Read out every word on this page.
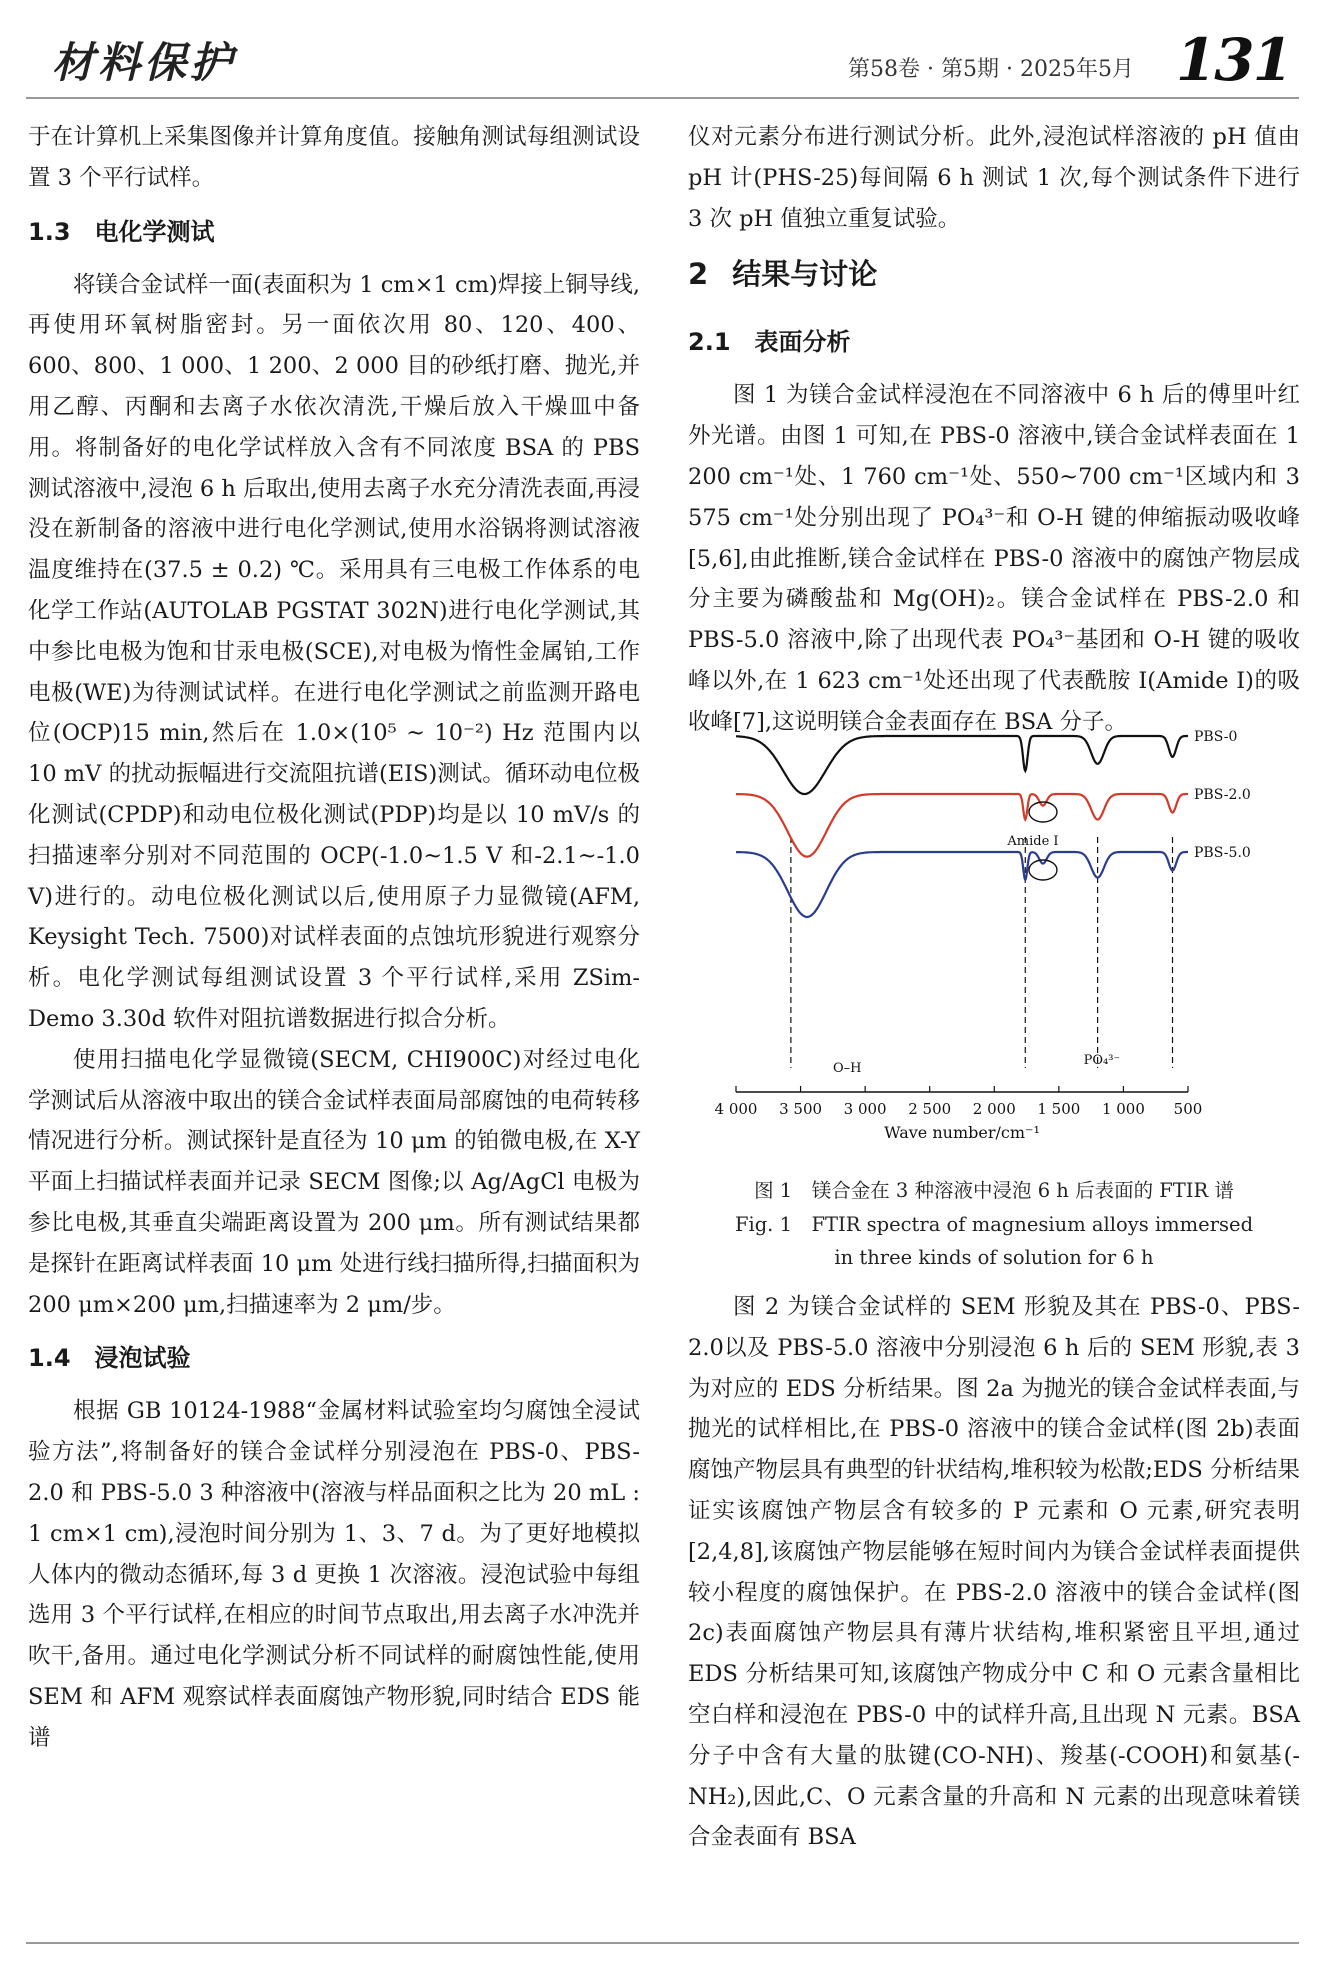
材料保护	第58卷 · 第5期 · 2025年5月 131

于在计算机上采集图像并计算角度值。接触角测试每组测试设置 3 个平行试样。

1.3 电化学测试

将镁合金试样一面(表面积为 1 cm×1 cm)焊接上铜导线,再使用环氧树脂密封。另一面依次用 80、120、400、600、800、1 000、1 200、2 000 目的砂纸打磨、抛光,并用乙醇、丙酮和去离子水依次清洗,干燥后放入干燥皿中备用。将制备好的电化学试样放入含有不同浓度 BSA 的 PBS 测试溶液中,浸泡 6 h 后取出,使用去离子水充分清洗表面,再浸没在新制备的溶液中进行电化学测试,使用水浴锅将测试溶液温度维持在(37.5 ± 0.2) ℃。采用具有三电极工作体系的电化学工作站(AUTOLAB PGSTAT 302N)进行电化学测试,其中参比电极为饱和甘汞电极(SCE),对电极为惰性金属铂,工作电极(WE)为待测试试样。在进行电化学测试之前监测开路电位(OCP)15 min,然后在 1.0×(10⁵ ~ 10⁻²) Hz 范围内以 10 mV 的扰动振幅进行交流阻抗谱(EIS)测试。循环动电位极化测试(CPDP)和动电位极化测试(PDP)均是以 10 mV/s 的扫描速率分别对不同范围的 OCP(-1.0~1.5 V 和-2.1~-1.0 V)进行的。动电位极化测试以后,使用原子力显微镜(AFM, Keysight Tech. 7500)对试样表面的点蚀坑形貌进行观察分析。电化学测试每组测试设置 3 个平行试样,采用 ZSim-Demo 3.30d 软件对阻抗谱数据进行拟合分析。

使用扫描电化学显微镜(SECM, CHI900C)对经过电化学测试后从溶液中取出的镁合金试样表面局部腐蚀的电荷转移情况进行分析。测试探针是直径为 10 μm 的铂微电极,在 X-Y 平面上扫描试样表面并记录 SECM 图像;以 Ag/AgCl 电极为参比电极,其垂直尖端距离设置为 200 μm。所有测试结果都是探针在距离试样表面 10 μm 处进行线扫描所得,扫描面积为 200 μm×200 μm,扫描速率为 2 μm/步。

1.4 浸泡试验

根据 GB 10124-1988“金属材料试验室均匀腐蚀全浸试验方法”,将制备好的镁合金试样分别浸泡在 PBS-0、PBS-2.0 和 PBS-5.0 3 种溶液中(溶液与样品面积之比为 20 mL : 1 cm×1 cm),浸泡时间分别为 1、3、7 d。为了更好地模拟人体内的微动态循环,每 3 d 更换 1 次溶液。浸泡试验中每组选用 3 个平行试样,在相应的时间节点取出,用去离子水冲洗并吹干,备用。通过电化学测试分析不同试样的耐腐蚀性能,使用 SEM 和 AFM 观察试样表面腐蚀产物形貌,同时结合 EDS 能谱

仪对元素分布进行测试分析。此外,浸泡试样溶液的 pH 值由 pH 计(PHS-25)每间隔 6 h 测试 1 次,每个测试条件下进行 3 次 pH 值独立重复试验。

2 结果与讨论
2.1 表面分析

图 1 为镁合金试样浸泡在不同溶液中 6 h 后的傅里叶红外光谱。由图 1 可知,在 PBS-0 溶液中,镁合金试样表面在 1 200 cm⁻¹处、1 760 cm⁻¹处、550~700 cm⁻¹区域内和 3 575 cm⁻¹处分别出现了 PO₄³⁻和 O-H 键的伸缩振动吸收峰[5,6],由此推断,镁合金试样在 PBS-0 溶液中的腐蚀产物层成分主要为磷酸盐和 Mg(OH)₂。镁合金试样在 PBS-2.0 和 PBS-5.0 溶液中,除了出现代表 PO₄³⁻基团和 O-H 键的吸收峰以外,在 1 623 cm⁻¹处还出现了代表酰胺 I(Amide I)的吸收峰[7],这说明镁合金表面存在 BSA 分子。

4 000 3 500 3 000 2 500 2 000 1 500 1 000 500
Wave number/cm⁻¹
PBS-0
PBS-2.0
PBS-5.0
Amide I
O–H
PO₄³⁻
图 1　镁合金在 3 种溶液中浸泡 6 h 后表面的 FTIR 谱
Fig. 1　FTIR spectra of magnesium alloys immersed
in three kinds of solution for 6 h

图 2 为镁合金试样的 SEM 形貌及其在 PBS-0、PBS-2.0以及 PBS-5.0 溶液中分别浸泡 6 h 后的 SEM 形貌,表 3 为对应的 EDS 分析结果。图 2a 为抛光的镁合金试样表面,与抛光的试样相比,在 PBS-0 溶液中的镁合金试样(图 2b)表面腐蚀产物层具有典型的针状结构,堆积较为松散;EDS 分析结果证实该腐蚀产物层含有较多的 P 元素和 O 元素,研究表明[2,4,8],该腐蚀产物层能够在短时间内为镁合金试样表面提供较小程度的腐蚀保护。在 PBS-2.0 溶液中的镁合金试样(图 2c)表面腐蚀产物层具有薄片状结构,堆积紧密且平坦,通过 EDS 分析结果可知,该腐蚀产物成分中 C 和 O 元素含量相比空白样和浸泡在 PBS-0 中的试样升高,且出现 N 元素。BSA 分子中含有大量的肽键(CO-NH)、羧基(-COOH)和氨基(-NH₂),因此,C、O 元素含量的升高和 N 元素的出现意味着镁合金表面有 BSA
